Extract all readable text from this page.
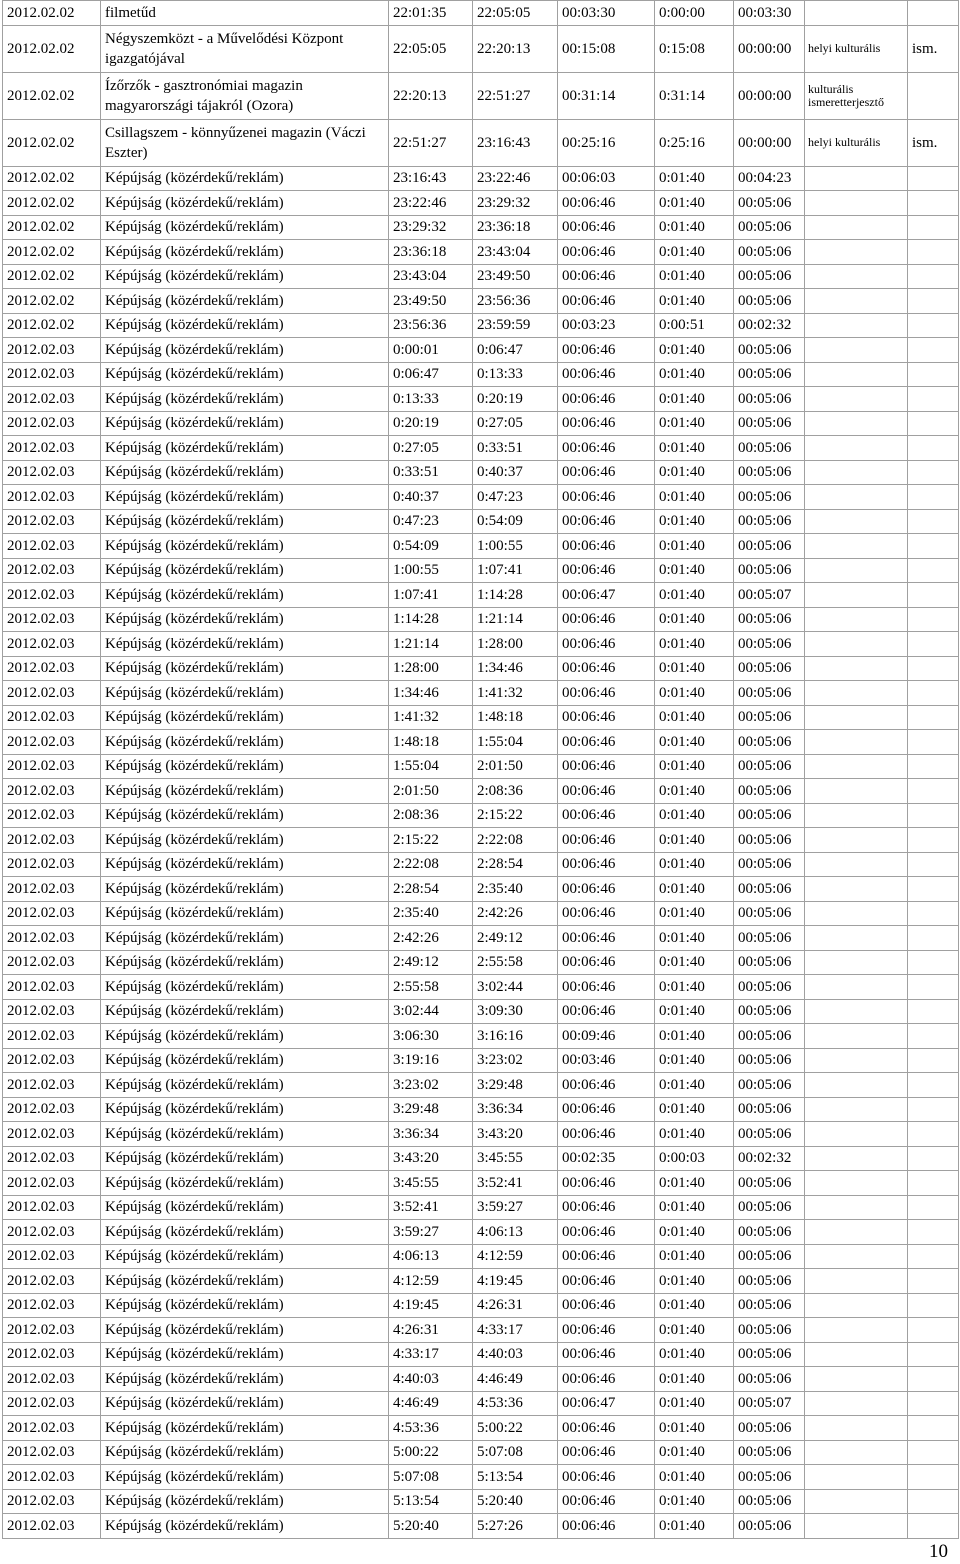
2012.02.02	filmetűd	22:01:35	22:05:05	00:03:30	0:00:00	00:03:30		
2012.02.02	Négyszemközt - a Művelődési Központ igazgatójával	22:05:05	22:20:13	00:15:08	0:15:08	00:00:00	helyi kulturális	ism.
2012.02.02	Ízőrzők - gasztronómiai magazin magyarországi tájakról (Ozora)	22:20:13	22:51:27	00:31:14	0:31:14	00:00:00	kulturális ismeretterjesztő	
2012.02.02	Csillagszem - könnyűzenei magazin (Váczi Eszter)	22:51:27	23:16:43	00:25:16	0:25:16	00:00:00	helyi kulturális	ism.
2012.02.02	Képújság (közérdekű/reklám)	23:16:43	23:22:46	00:06:03	0:01:40	00:04:23		
2012.02.02	Képújság (közérdekű/reklám)	23:22:46	23:29:32	00:06:46	0:01:40	00:05:06		
2012.02.02	Képújság (közérdekű/reklám)	23:29:32	23:36:18	00:06:46	0:01:40	00:05:06		
2012.02.02	Képújság (közérdekű/reklám)	23:36:18	23:43:04	00:06:46	0:01:40	00:05:06		
2012.02.02	Képújság (közérdekű/reklám)	23:43:04	23:49:50	00:06:46	0:01:40	00:05:06		
2012.02.02	Képújság (közérdekű/reklám)	23:49:50	23:56:36	00:06:46	0:01:40	00:05:06		
2012.02.02	Képújság (közérdekű/reklám)	23:56:36	23:59:59	00:03:23	0:00:51	00:02:32		
2012.02.03	Képújság (közérdekű/reklám)	0:00:01	0:06:47	00:06:46	0:01:40	00:05:06		
2012.02.03	Képújság (közérdekű/reklám)	0:06:47	0:13:33	00:06:46	0:01:40	00:05:06		
2012.02.03	Képújság (közérdekű/reklám)	0:13:33	0:20:19	00:06:46	0:01:40	00:05:06		
2012.02.03	Képújság (közérdekű/reklám)	0:20:19	0:27:05	00:06:46	0:01:40	00:05:06		
2012.02.03	Képújság (közérdekű/reklám)	0:27:05	0:33:51	00:06:46	0:01:40	00:05:06		
2012.02.03	Képújság (közérdekű/reklám)	0:33:51	0:40:37	00:06:46	0:01:40	00:05:06		
2012.02.03	Képújság (közérdekű/reklám)	0:40:37	0:47:23	00:06:46	0:01:40	00:05:06		
2012.02.03	Képújság (közérdekű/reklám)	0:47:23	0:54:09	00:06:46	0:01:40	00:05:06		
2012.02.03	Képújság (közérdekű/reklám)	0:54:09	1:00:55	00:06:46	0:01:40	00:05:06		
2012.02.03	Képújság (közérdekű/reklám)	1:00:55	1:07:41	00:06:46	0:01:40	00:05:06		
2012.02.03	Képújság (közérdekű/reklám)	1:07:41	1:14:28	00:06:47	0:01:40	00:05:07		
2012.02.03	Képújság (közérdekű/reklám)	1:14:28	1:21:14	00:06:46	0:01:40	00:05:06		
2012.02.03	Képújság (közérdekű/reklám)	1:21:14	1:28:00	00:06:46	0:01:40	00:05:06		
2012.02.03	Képújság (közérdekű/reklám)	1:28:00	1:34:46	00:06:46	0:01:40	00:05:06		
2012.02.03	Képújság (közérdekű/reklám)	1:34:46	1:41:32	00:06:46	0:01:40	00:05:06		
2012.02.03	Képújság (közérdekű/reklám)	1:41:32	1:48:18	00:06:46	0:01:40	00:05:06		
2012.02.03	Képújság (közérdekű/reklám)	1:48:18	1:55:04	00:06:46	0:01:40	00:05:06		
2012.02.03	Képújság (közérdekű/reklám)	1:55:04	2:01:50	00:06:46	0:01:40	00:05:06		
2012.02.03	Képújság (közérdekű/reklám)	2:01:50	2:08:36	00:06:46	0:01:40	00:05:06		
2012.02.03	Képújság (közérdekű/reklám)	2:08:36	2:15:22	00:06:46	0:01:40	00:05:06		
2012.02.03	Képújság (közérdekű/reklám)	2:15:22	2:22:08	00:06:46	0:01:40	00:05:06		
2012.02.03	Képújság (közérdekű/reklám)	2:22:08	2:28:54	00:06:46	0:01:40	00:05:06		
2012.02.03	Képújság (közérdekű/reklám)	2:28:54	2:35:40	00:06:46	0:01:40	00:05:06		
2012.02.03	Képújság (közérdekű/reklám)	2:35:40	2:42:26	00:06:46	0:01:40	00:05:06		
2012.02.03	Képújság (közérdekű/reklám)	2:42:26	2:49:12	00:06:46	0:01:40	00:05:06		
2012.02.03	Képújság (közérdekű/reklám)	2:49:12	2:55:58	00:06:46	0:01:40	00:05:06		
2012.02.03	Képújság (közérdekű/reklám)	2:55:58	3:02:44	00:06:46	0:01:40	00:05:06		
2012.02.03	Képújság (közérdekű/reklám)	3:02:44	3:09:30	00:06:46	0:01:40	00:05:06		
2012.02.03	Képújság (közérdekű/reklám)	3:06:30	3:16:16	00:09:46	0:01:40	00:05:06		
2012.02.03	Képújság (közérdekű/reklám)	3:19:16	3:23:02	00:03:46	0:01:40	00:05:06		
2012.02.03	Képújság (közérdekű/reklám)	3:23:02	3:29:48	00:06:46	0:01:40	00:05:06		
2012.02.03	Képújság (közérdekű/reklám)	3:29:48	3:36:34	00:06:46	0:01:40	00:05:06		
2012.02.03	Képújság (közérdekű/reklám)	3:36:34	3:43:20	00:06:46	0:01:40	00:05:06		
2012.02.03	Képújság (közérdekű/reklám)	3:43:20	3:45:55	00:02:35	0:00:03	00:02:32		
2012.02.03	Képújság (közérdekű/reklám)	3:45:55	3:52:41	00:06:46	0:01:40	00:05:06		
2012.02.03	Képújság (közérdekű/reklám)	3:52:41	3:59:27	00:06:46	0:01:40	00:05:06		
2012.02.03	Képújság (közérdekű/reklám)	3:59:27	4:06:13	00:06:46	0:01:40	00:05:06		
2012.02.03	Képújság (közérdekű/reklám)	4:06:13	4:12:59	00:06:46	0:01:40	00:05:06		
2012.02.03	Képújság (közérdekű/reklám)	4:12:59	4:19:45	00:06:46	0:01:40	00:05:06		
2012.02.03	Képújság (közérdekű/reklám)	4:19:45	4:26:31	00:06:46	0:01:40	00:05:06		
2012.02.03	Képújság (közérdekű/reklám)	4:26:31	4:33:17	00:06:46	0:01:40	00:05:06		
2012.02.03	Képújság (közérdekű/reklám)	4:33:17	4:40:03	00:06:46	0:01:40	00:05:06		
2012.02.03	Képújság (közérdekű/reklám)	4:40:03	4:46:49	00:06:46	0:01:40	00:05:06		
2012.02.03	Képújság (közérdekű/reklám)	4:46:49	4:53:36	00:06:47	0:01:40	00:05:07		
2012.02.03	Képújság (közérdekű/reklám)	4:53:36	5:00:22	00:06:46	0:01:40	00:05:06		
2012.02.03	Képújság (közérdekű/reklám)	5:00:22	5:07:08	00:06:46	0:01:40	00:05:06		
2012.02.03	Képújság (közérdekű/reklám)	5:07:08	5:13:54	00:06:46	0:01:40	00:05:06		
2012.02.03	Képújság (közérdekű/reklám)	5:13:54	5:20:40	00:06:46	0:01:40	00:05:06		
2012.02.03	Képújság (közérdekű/reklám)	5:20:40	5:27:26	00:06:46	0:01:40	00:05:06		
10
